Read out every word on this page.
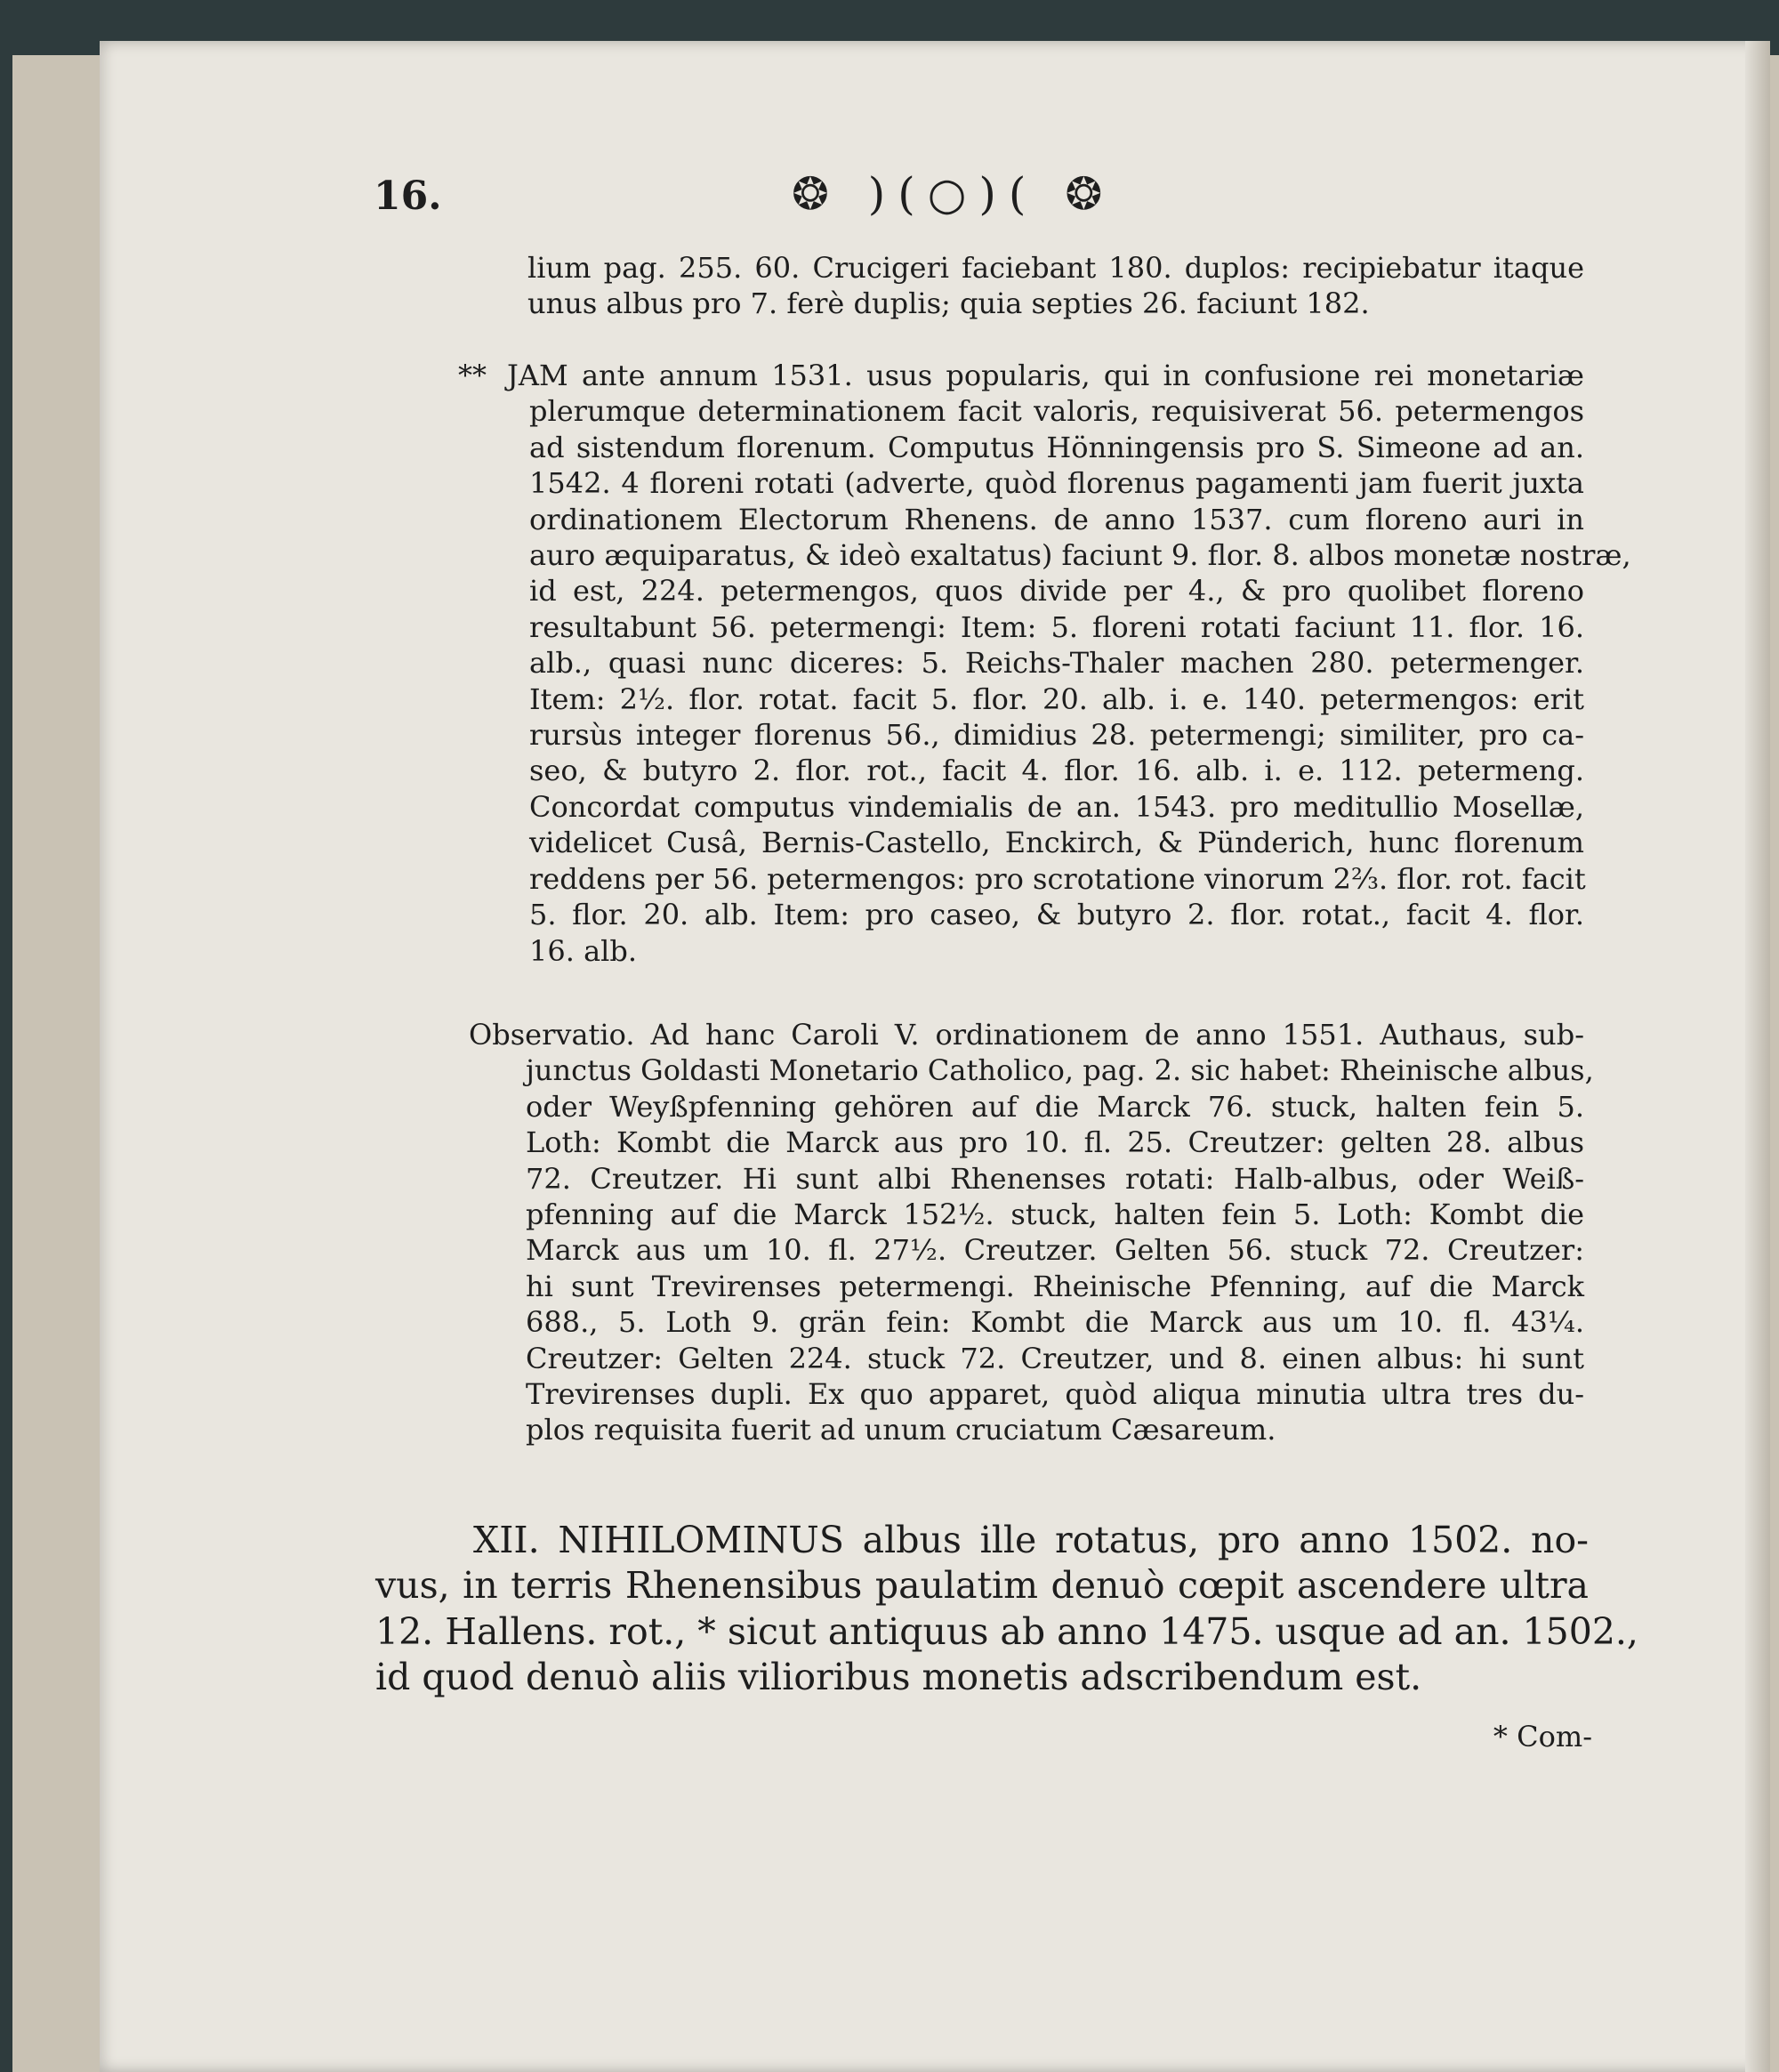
16.	❂ )(○)( ❂
lium pag. 255. 60. Crucigeri faciebant 180. duplos: recipiebatur itaque
unus albus pro 7. ferè duplis; quia septies 26. faciunt 182.
** JAM ante annum 1531. usus popularis, qui in confusione rei monetariæ
plerumque determinationem facit valoris, requisiverat 56. petermengos
ad sistendum florenum. Computus Hönningensis pro S. Simeone ad an.
1542. 4 floreni rotati (adverte, quòd florenus pagamenti jam fuerit juxta
ordinationem Electorum Rhenens. de anno 1537. cum floreno auri in
auro æquiparatus, & ideò exaltatus) faciunt 9. flor. 8. albos monetæ nostræ,
id est, 224. petermengos, quos divide per 4., & pro quolibet floreno
resultabunt 56. petermengi: Item: 5. floreni rotati faciunt 11. flor. 16.
alb., quasi nunc diceres: 5. Reichs-Thaler machen 280. petermenger.
Item: 2½. flor. rotat. facit 5. flor. 20. alb. i. e. 140. petermengos: erit
rursùs integer florenus 56., dimidius 28. petermengi; similiter, pro ca-
seo, & butyro 2. flor. rot., facit 4. flor. 16. alb. i. e. 112. petermeng.
Concordat computus vindemialis de an. 1543. pro meditullio Mosellæ,
videlicet Cusâ, Bernis-Castello, Enckirch, & Pünderich, hunc florenum
reddens per 56. petermengos: pro scrotatione vinorum 2⅔. flor. rot. facit
5. flor. 20. alb. Item: pro caseo, & butyro 2. flor. rotat., facit 4. flor.
16. alb.
Observatio. Ad hanc Caroli V. ordinationem de anno 1551. Authaus, sub-
junctus Goldasti Monetario Catholico, pag. 2. sic habet: Rheinische albus,
oder Weyßpfenning gehören auf die Marck 76. stuck, halten fein 5.
Loth: Kombt die Marck aus pro 10. fl. 25. Creutzer: gelten 28. albus
72. Creutzer. Hi sunt albi Rhenenses rotati: Halb-albus, oder Weiß-
pfenning auf die Marck 152½. stuck, halten fein 5. Loth: Kombt die
Marck aus um 10. fl. 27½. Creutzer. Gelten 56. stuck 72. Creutzer:
hi sunt Trevirenses petermengi. Rheinische Pfenning, auf die Marck
688., 5. Loth 9. grän fein: Kombt die Marck aus um 10. fl. 43¼.
Creutzer: Gelten 224. stuck 72. Creutzer, und 8. einen albus: hi sunt
Trevirenses dupli. Ex quo apparet, quòd aliqua minutia ultra tres du-
plos requisita fuerit ad unum cruciatum Cæsareum.
XII. NIHILOMINUS albus ille rotatus, pro anno 1502. no-
vus, in terris Rhenensibus paulatim denuò cœpit ascendere ultra
12. Hallens. rot., * sicut antiquus ab anno 1475. usque ad an. 1502.,
id quod denuò aliis vilioribus monetis adscribendum est.
* Com-
